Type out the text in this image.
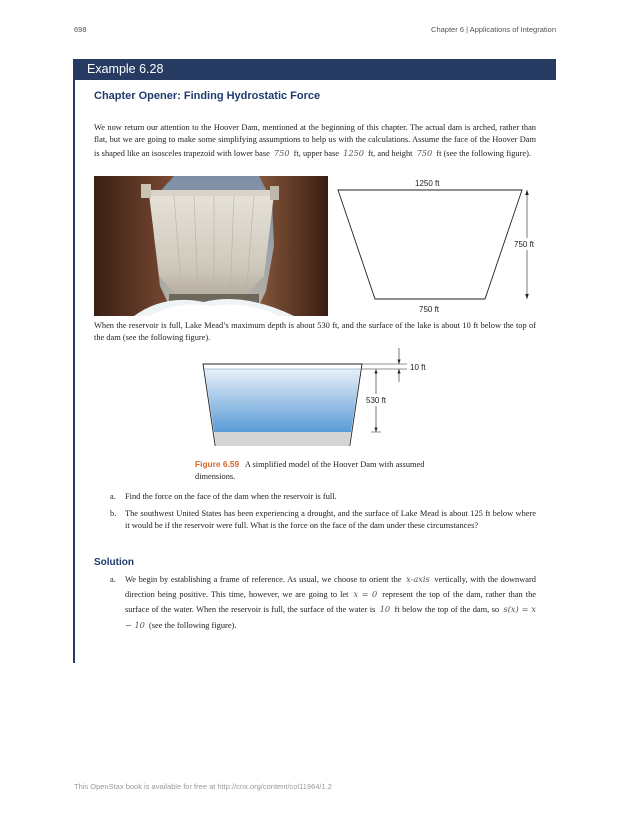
698	Chapter 6 | Applications of Integration
Example 6.28
Chapter Opener: Finding Hydrostatic Force

We now return our attention to the Hoover Dam, mentioned at the beginning of this chapter. The actual dam is arched, rather than flat, but we are going to make some simplifying assumptions to help us with the calculations. Assume the face of the Hoover Dam is shaped like an isosceles trapezoid with lower base 750 ft, upper base 1250 ft, and height 750 ft (see the following figure).

1250 ft
750 ft
750 ft

When the reservoir is full, Lake Mead’s maximum depth is about 530 ft, and the surface of the lake is about 10 ft below the top of the dam (see the following figure).

10 ft
530 ft
Figure 6.59 A simplified model of the Hoover Dam with assumed dimensions.
a. Find the force on the face of the dam when the reservoir is full.
b. The southwest United States has been experiencing a drought, and the surface of Lake Mead is about 125 ft below where it would be if the reservoir were full. What is the force on the face of the dam under these circumstances?
Solution
a. We begin by establishing a frame of reference. As usual, we choose to orient the x-axis vertically, with the downward direction being positive. This time, however, we are going to let x = 0 represent the top of the dam, rather than the surface of the water. When the reservoir is full, the surface of the water is 10 ft below the top of the dam, so s(x) = x − 10 (see the following figure).
This OpenStax book is available for free at http://cnx.org/content/col11964/1.2
